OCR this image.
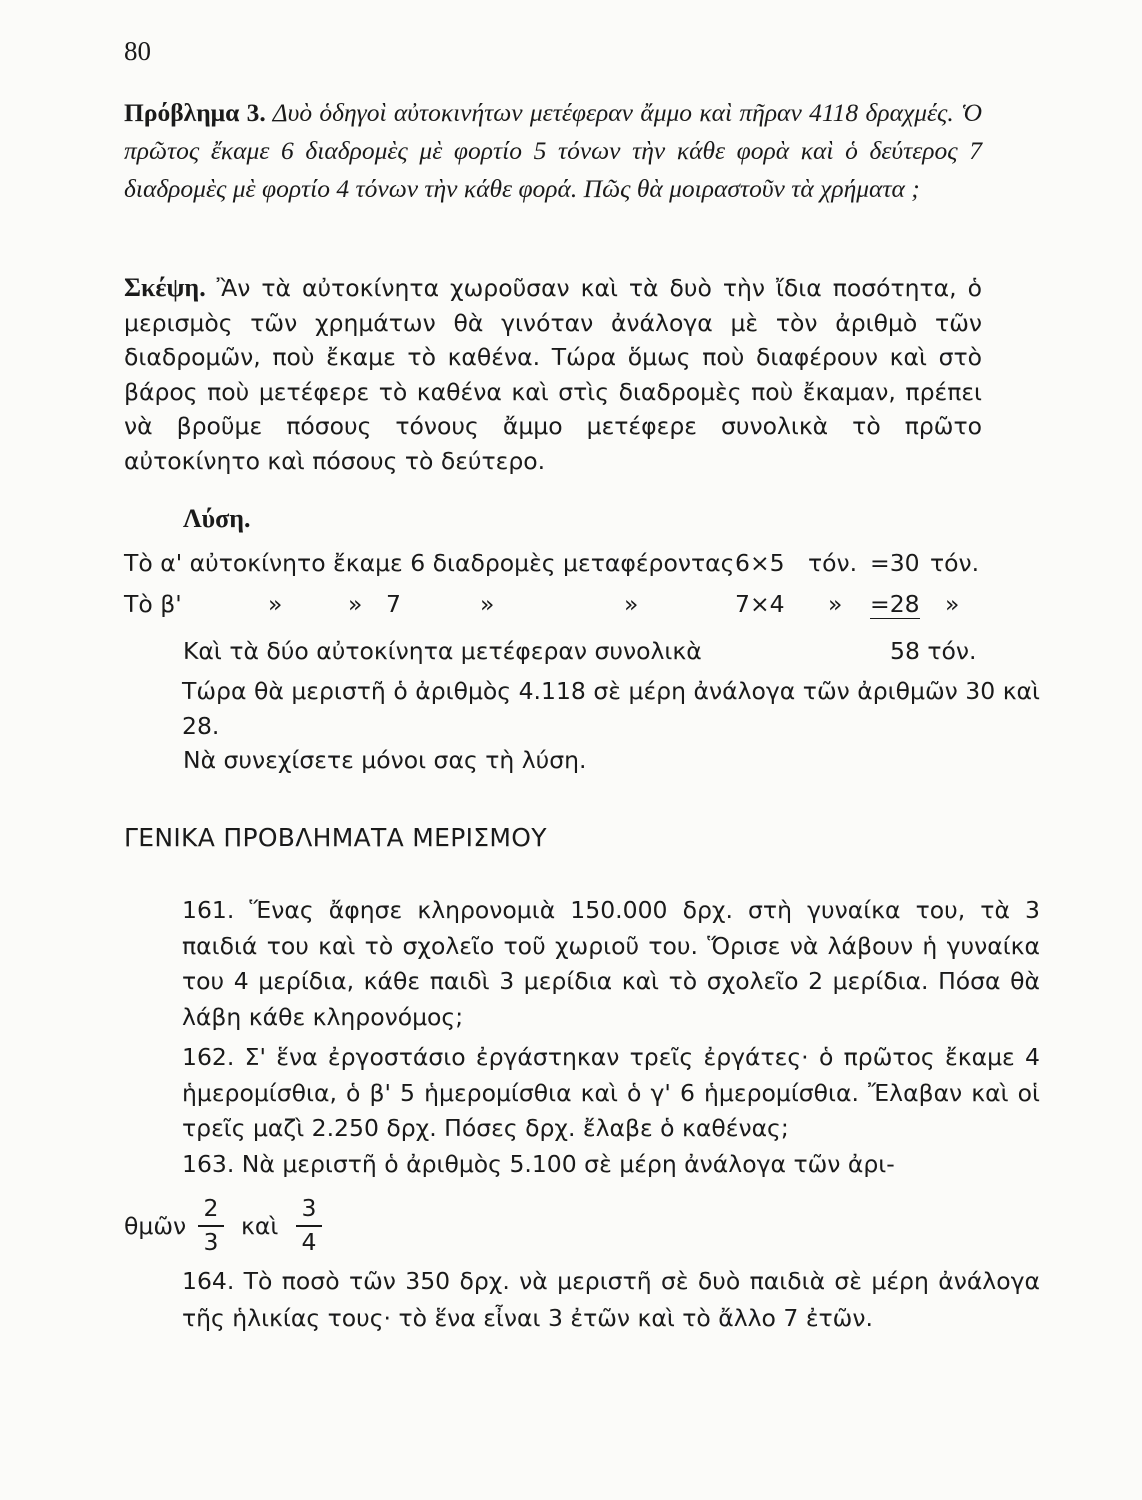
80
Πρόβλημα 3. Δυὸ ὁδηγοὶ αὐτοκινήτων μετέφεραν ἄμμο καὶ πῆραν 4118 δραχμές. Ὁ πρῶτος ἔκαμε 6 διαδρομὲς μὲ φορτίο 5 τόνων τὴν κάθε φορὰ καὶ ὁ δεύτερος 7 διαδρομὲς μὲ φορτίο 4 τόνων τὴν κάθε φορά. Πῶς θὰ μοιραστοῦν τὰ χρήματα ;
Σκέψη. Ἂν τὰ αὐτοκίνητα χωροῦσαν καὶ τὰ δυὸ τὴν ἴδια ποσότητα, ὁ μερισμὸς τῶν χρημάτων θὰ γινόταν ἀνάλογα μὲ τὸν ἀριθμὸ τῶν διαδρομῶν, ποὺ ἔκαμε τὸ καθένα. Τώρα ὅμως ποὺ διαφέρουν καὶ στὸ βάρος ποὺ μετέφερε τὸ καθένα καὶ στὶς διαδρομὲς ποὺ ἔκαμαν, πρέπει νὰ βροῦμε πόσους τόνους ἄμμο μετέφερε συνολικὰ τὸ πρῶτο αὐτοκίνητο καὶ πόσους τὸ δεύτερο.
Λύση.
Τὸ α' αὐτοκίνητο ἔκαμε 6 διαδρομὲς μεταφέροντας 6×5 τόν. =30 τόν.
Τὸ β'	»	» 7	»	»	7×4 » =28 »
Καὶ τὰ δύο αὐτοκίνητα μετέφεραν συνολικὰ	58 τόν.
Τώρα θὰ μεριστῆ ὁ ἀριθμὸς 4.118 σὲ μέρη ἀνάλογα τῶν ἀριθμῶν 30 καὶ 28.
Νὰ συνεχίσετε μόνοι σας τὴ λύση.
ΓΕΝΙΚΑ ΠΡΟΒΛΗΜΑΤΑ ΜΕΡΙΣΜΟΥ
161. Ἕνας ἄφησε κληρονομιὰ 150.000 δρχ. στὴ γυναίκα του, τὰ 3 παιδιά του καὶ τὸ σχολεῖο τοῦ χωριοῦ του. Ὅρισε νὰ λάβουν ἡ γυναίκα του 4 μερίδια, κάθε παιδὶ 3 μερίδια καὶ τὸ σχολεῖο 2 μερίδια. Πόσα θὰ λάβη κάθε κληρονόμος;
162. Σ' ἕνα ἐργοστάσιο ἐργάστηκαν τρεῖς ἐργάτες· ὁ πρῶτος ἔκαμε 4 ἡμερομίσθια, ὁ β' 5 ἡμερομίσθια καὶ ὁ γ' 6 ἡμερομίσθια. Ἔλαβαν καὶ οἱ τρεῖς μαζὶ 2.250 δρχ. Πόσες δρχ. ἔλαβε ὁ καθένας;
163. Νὰ μεριστῆ ὁ ἀριθμὸς 5.100 σὲ μέρη ἀνάλογα τῶν ἀρι-
θμῶν
2
3
καὶ
3
4
164. Τὸ ποσὸ τῶν 350 δρχ. νὰ μεριστῆ σὲ δυὸ παιδιὰ σὲ μέρη ἀνάλογα τῆς ἡλικίας τους· τὸ ἕνα εἶναι 3 ἐτῶν καὶ τὸ ἄλλο 7 ἐτῶν.
